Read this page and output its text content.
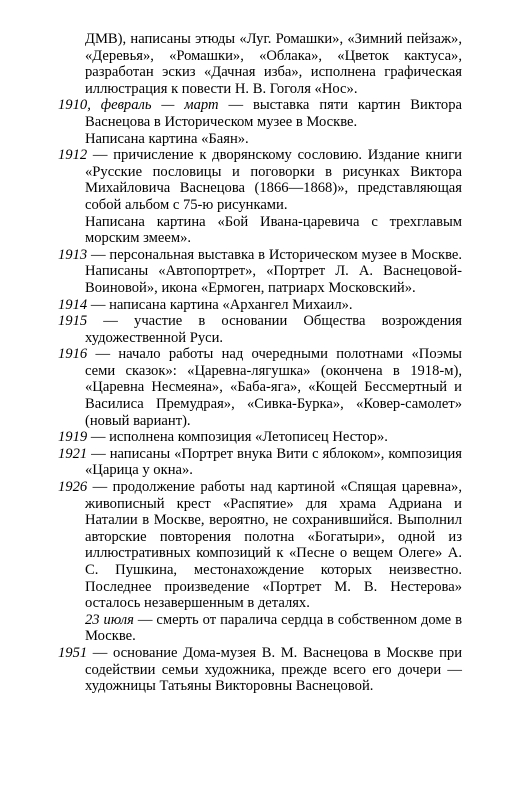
ДМВ), написаны этюды «Луг. Ромашки», «Зимний пейзаж», «Деревья», «Ромашки», «Облака», «Цветок кактуса», разработан эскиз «Дачная изба», исполнена графическая иллюстрация к повести Н. В. Гоголя «Нос».
1910, февраль — март — выставка пяти картин Виктора Васнецова в Историческом музее в Москве.
Написана картина «Баян».
1912 — причисление к дворянскому сословию. Издание книги «Русские пословицы и поговорки в рисунках Виктора Михайловича Васнецова (1866—1868)», представляющая собой альбом с 75-ю рисунками.
Написана картина «Бой Ивана-царевича с трехглавым морским змеем».
1913 — персональная выставка в Историческом музее в Москве. Написаны «Автопортрет», «Портрет Л. А. Васнецовой-Воиновой», икона «Ермоген, патриарх Московский».
1914 — написана картина «Архангел Михаил».
1915 — участие в основании Общества возрождения художественной Руси.
1916 — начало работы над очередными полотнами «Поэмы семи сказок»: «Царевна-лягушка» (окончена в 1918-м), «Царевна Несмеяна», «Баба-яга», «Кощей Бессмертный и Василиса Премудрая», «Сивка-Бурка», «Ковер-самолет» (новый вариант).
1919 — исполнена композиция «Летописец Нестор».
1921 — написаны «Портрет внука Вити с яблоком», композиция «Царица у окна».
1926 — продолжение работы над картиной «Спящая царевна», живописный крест «Распятие» для храма Адриана и Наталии в Москве, вероятно, не сохранившийся. Выполнил авторские повторения полотна «Богатыри», одной из иллюстративных композиций к «Песне о вещем Олеге» А. С. Пушкина, местонахождение которых неизвестно. Последнее произведение «Портрет М. В. Нестерова» осталось незавершенным в деталях.
23 июля — смерть от паралича сердца в собственном доме в Москве.
1951 — основание Дома-музея В. М. Васнецова в Москве при содействии семьи художника, прежде всего его дочери — художницы Татьяны Викторовны Васнецовой.
